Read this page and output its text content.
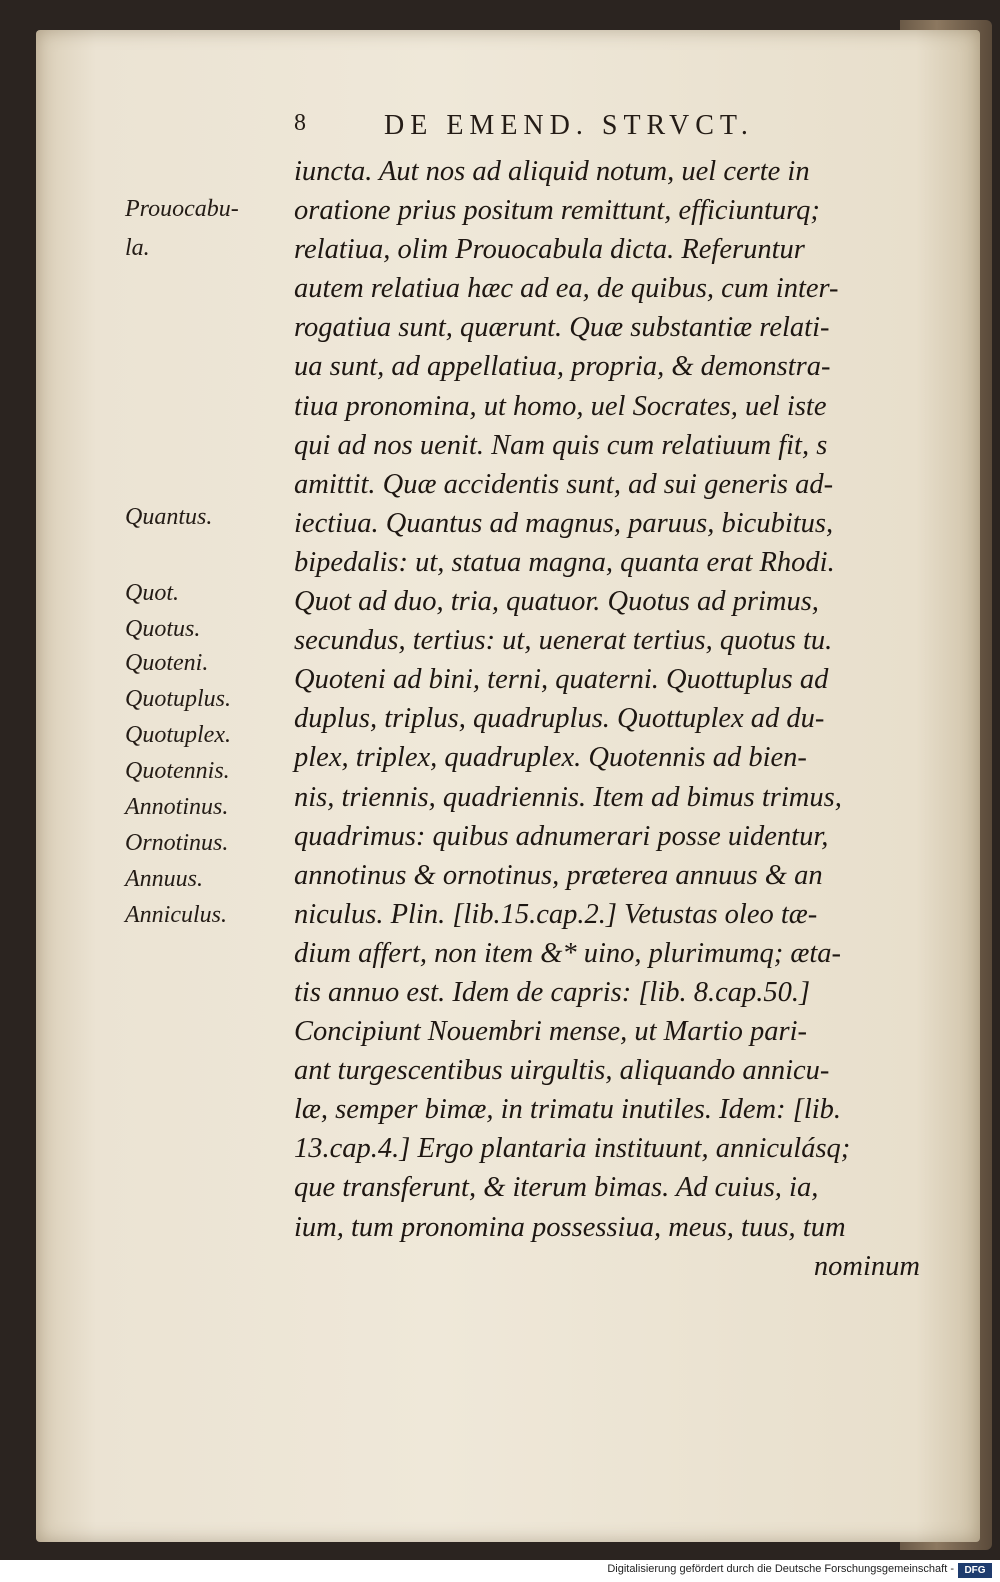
8	DE EMEND. STRVCT.
Prouocabu-
la.
Quantus.
Quot.
Quotus.
Quoteni.
Quotuplus.
Quotuplex.
Quotennis.
Annotinus.
Ornotinus.
Annuus.
Anniculus.
iuncta. Aut nos ad aliquid notum, uel certe in
oratione prius positum remittunt, efficiunturq;
relatiua, olim Prouocabula dicta. Referuntur
autem relatiua hæc ad ea, de quibus, cum inter-
rogatiua sunt, quærunt. Quæ substantiæ relati-
ua sunt, ad appellatiua, propria, & demonstra-
tiua pronomina, ut homo, uel Socrates, uel iste
qui ad nos uenit. Nam quis cum relatiuum fit, s
amittit. Quæ accidentis sunt, ad sui generis ad-
iectiua. Quantus ad magnus, paruus, bicubitus,
bipedalis: ut, statua magna, quanta erat Rhodi.
Quot ad duo, tria, quatuor. Quotus ad primus,
secundus, tertius: ut, uenerat tertius, quotus tu.
Quoteni ad bini, terni, quaterni. Quottuplus ad
duplus, triplus, quadruplus. Quottuplex ad du-
plex, triplex, quadruplex. Quotennis ad bien-
nis, triennis, quadriennis. Item ad bimus trimus,
quadrimus: quibus adnumerari posse uidentur,
annotinus & ornotinus, præterea annuus & an
niculus. Plin. [lib.15.cap.2.] Vetustas oleo tæ-
dium affert, non item &* uino, plurimumq; æta-
tis annuo est. Idem de capris: [lib. 8.cap.50.]
Concipiunt Nouembri mense, ut Martio pari-
ant turgescentibus uirgultis, aliquando annicu-
læ, semper bimæ, in trimatu inutiles. Idem: [lib.
13.cap.4.] Ergo plantaria instituunt, anniculásq;
que transferunt, & iterum bimas. Ad cuius, ia,
ium, tum pronomina possessiua, meus, tuus, tum
nominum
Digitalisierung gefördert durch die Deutsche Forschungsgemeinschaft -	DFG
